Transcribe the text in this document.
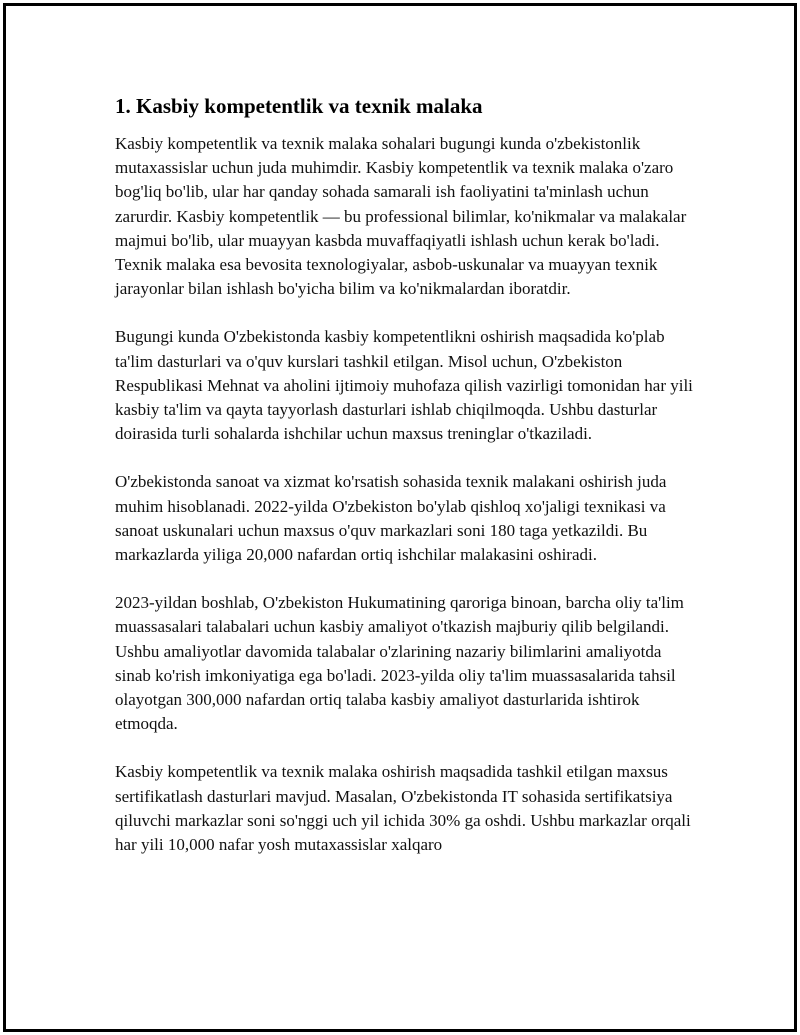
1. Kasbiy kompetentlik va texnik malaka

Kasbiy kompetentlik va texnik malaka sohalari bugungi kunda o'zbekistonlik mutaxassislar uchun juda muhimdir. Kasbiy kompetentlik va texnik malaka o'zaro bog'liq bo'lib, ular har qanday sohada samarali ish faoliyatini ta'minlash uchun zarurdir. Kasbiy kompetentlik — bu professional bilimlar, ko'nikmalar va malakalar majmui bo'lib, ular muayyan kasbda muvaffaqiyatli ishlash uchun kerak bo'ladi. Texnik malaka esa bevosita texnologiyalar, asbob-uskunalar va muayyan texnik jarayonlar bilan ishlash bo'yicha bilim va ko'nikmalardan iboratdir.

Bugungi kunda O'zbekistonda kasbiy kompetentlikni oshirish maqsadida ko'plab ta'lim dasturlari va o'quv kurslari tashkil etilgan. Misol uchun, O'zbekiston Respublikasi Mehnat va aholini ijtimoiy muhofaza qilish vazirligi tomonidan har yili kasbiy ta'lim va qayta tayyorlash dasturlari ishlab chiqilmoqda. Ushbu dasturlar doirasida turli sohalarda ishchilar uchun maxsus treninglar o'tkaziladi.

O'zbekistonda sanoat va xizmat ko'rsatish sohasida texnik malakani oshirish juda muhim hisoblanadi. 2022-yilda O'zbekiston bo'ylab qishloq xo'jaligi texnikasi va sanoat uskunalari uchun maxsus o'quv markazlari soni 180 taga yetkazildi. Bu markazlarda yiliga 20,000 nafardan ortiq ishchilar malakasini oshiradi.

2023-yildan boshlab, O'zbekiston Hukumatining qaroriga binoan, barcha oliy ta'lim muassasalari talabalari uchun kasbiy amaliyot o'tkazish majburiy qilib belgilandi. Ushbu amaliyotlar davomida talabalar o'zlarining nazariy bilimlarini amaliyotda sinab ko'rish imkoniyatiga ega bo'ladi. 2023-yilda oliy ta'lim muassasalarida tahsil olayotgan 300,000 nafardan ortiq talaba kasbiy amaliyot dasturlarida ishtirok etmoqda.

Kasbiy kompetentlik va texnik malaka oshirish maqsadida tashkil etilgan maxsus sertifikatlash dasturlari mavjud. Masalan, O'zbekistonda IT sohasida sertifikatsiya qiluvchi markazlar soni so'nggi uch yil ichida 30% ga oshdi. Ushbu markazlar orqali har yili 10,000 nafar yosh mutaxassislar xalqaro
